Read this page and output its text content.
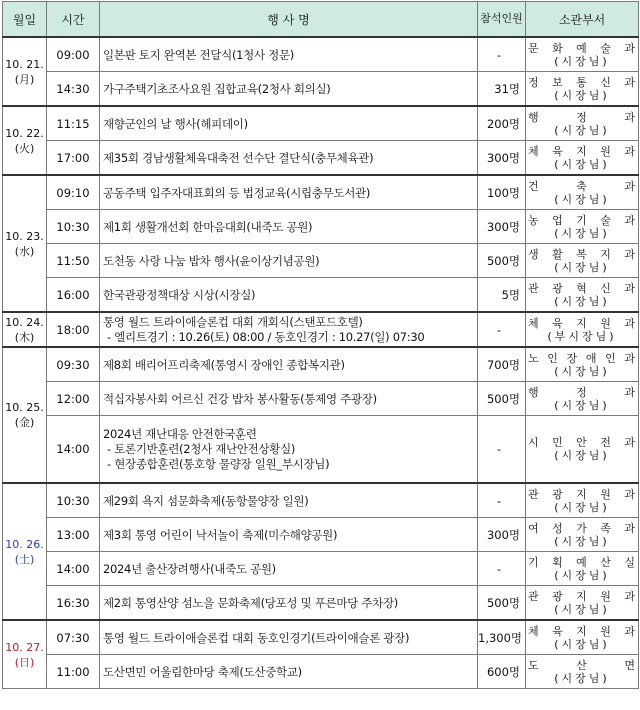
월일	시간	행 사 명	참석인원	소관부서
10. 21.
(月)	09:00	일본판 토지 완역본 전달식(1청사 정문)	-	문 화 예 술 과
(시장님)

	14:30	가구주택기초조사요원 집합교육(2청사 회의실)	31명	정 보 통 신 과
(시장님)

10. 22.
(火)	11:15	재향군인의 날 행사(헤피데이)	200명	행 정 과
(시장님)

	17:00	제35회 경남생활체육대축전 선수단 결단식(충무체육관)	300명	체 육 지 원 과
(시장님)

10. 23.
(水)	09:10	공동주택 입주자대표회의 등 법정교육(시립충무도서관)	100명	건 축 과
(시장님)

	10:30	제1회 생활개선회 한마음대회(내죽도 공원)	300명	농 업 기 술 과
(시장님)

	11:50	도천동 사랑 나눔 밥차 행사(윤이상기념공원)	500명	생 활 복 지 과
(시장님)

	16:00	한국관광정책대상 시상(시장실)	5명	관 광 혁 신 과
(시장님)

10. 24.
(木)	18:00	통영 월드 트라이애슬론컵 대회 개회식(스탠포드호텔)
- 엘리트경기 : 10.26(토) 08:00 / 동호인경기 : 10.27(일) 07:30	-	체 육 지 원 과
(부시장님)

10. 25.
(金)	09:30	제8회 배리어프리축제(통영시 장애인 종합복지관)	700명	노 인 장 애 인 과
(시장님)

	12:00	적십자봉사회 어르신 건강 밥차 봉사활동(통제영 주광장)	500명	행 정 과
(시장님)

	14:00	2024년 재난대응 안전한국훈련
- 토론기반훈련(2청사 재난안전상황실)
- 현장종합훈련(통호항 물량장 일원_부시장님)	-	시 민 안 전 과
(시장님)

10. 26.
(土)	10:30	제29회 욕지 섬문화축제(동항물양장 일원)	-	관 광 지 원 과
(시장님)

	13:00	제3회 통영 어린이 낙서놀이 축제(미수해양공원)	300명	여 성 가 족 과
(시장님)

	14:00	2024년 출산장려행사(내죽도 공원)	-	기 획 예 산 실
(시장님)

	16:30	제2회 통영산양 섬노을 문화축제(당포성 및 푸른마당 주차장)	500명	관 광 지 원 과
(시장님)

10. 27.
(日)	07:30	통영 월드 트라이애슬론컵 대회 동호인경기(트라이애슬론 광장)	1,300명	체 육 지 원 과
(시장님)

	11:00	도산면민 어울림한마당 축제(도산중학교)	600명	도 산 면
(시장님)
